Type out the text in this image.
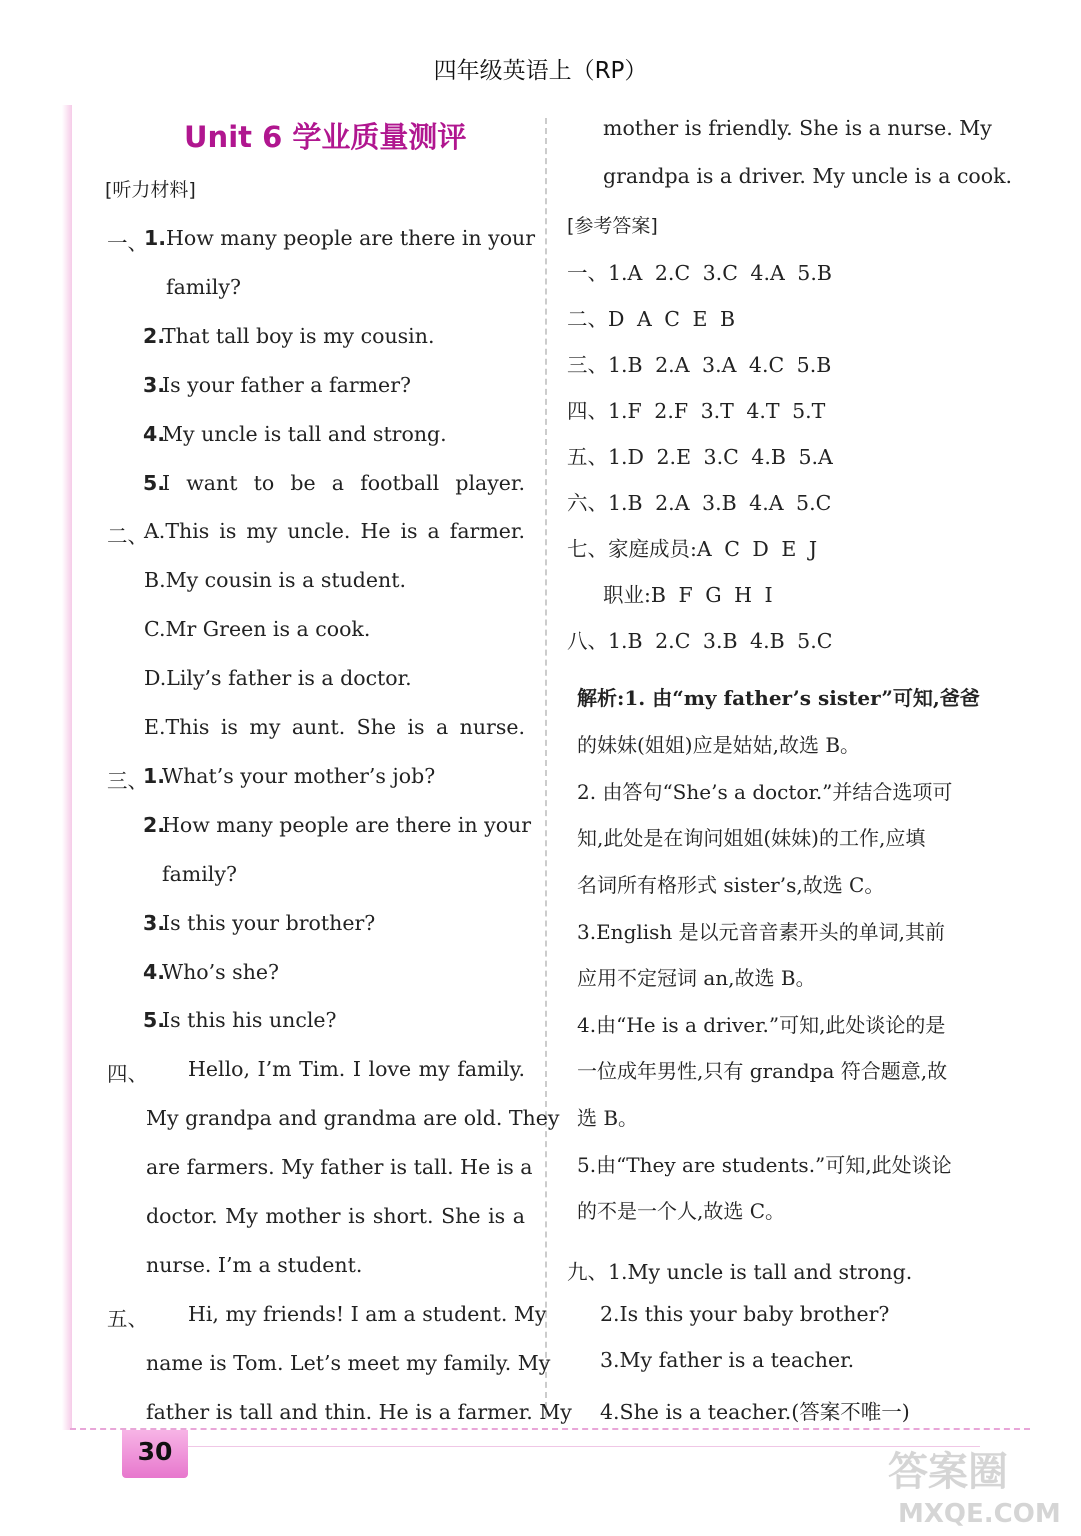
四年级英语上（RP）
30
Unit 6 学业质量测评
[听力材料]
一、
1. How many people are there in your
family?
2.
That tall boy is my cousin.
3.
Is your father a farmer?
4.
My uncle is tall and strong.
5.
I want to be a football player.
二、
A.This is my uncle. He is a farmer.
B.My cousin is a student.
C.Mr Green is a cook.
D.Lily’s father is a doctor.
E.This is my aunt. She is a nurse.
三、
1.
What’s your mother’s job?
2.
How many people are there in your
family?
3.
Is this your brother?
4.
Who’s she?
5.
Is this his uncle?
四、 Hello, I’m Tim. I love my family.
My grandpa and grandma are old. They
are farmers. My father is tall. He is a
doctor. My mother is short. She is a
nurse. I’m a student.
五、 Hi, my friends! I am a student. My
name is Tom. Let’s meet my family. My
father is tall and thin. He is a farmer. My
mother is friendly. She is a nurse. My
grandpa is a driver. My uncle is a cook.
[参考答案]
一、1.A 2.C 3.C 4.A 5.B
二、D A C E B
三、1.B 2.A 3.A 4.C 5.B
四、1.F 2.F 3.T 4.T 5.T
五、1.D 2.E 3.C 4.B 5.A
六、1.B 2.A 3.B 4.A 5.C
七、家庭成员:A C D E J
职业:B F G H I
八、1.B 2.C 3.B 4.B 5.C
解析:1. 由“my father’s sister”可知,爸爸
的妹妹(姐姐)应是姑姑,故选 B。
2. 由答句“She’s a doctor.”并结合选项可
知,此处是在询问姐姐(妹妹)的工作,应填
名词所有格形式 sister’s,故选 C。
3.English 是以元音音素开头的单词,其前
应用不定冠词 an,故选 B。
4.由“He is a driver.”可知,此处谈论的是
一位成年男性,只有 grandpa 符合题意,故
选 B。
5.由“They are students.”可知,此处谈论
的不是一个人,故选 C。
九、1.My uncle is tall and strong.
2.Is this your baby brother?
3.My father is a teacher.
4.She is a teacher.(答案不唯一)
答案圈
MXQE.COM
